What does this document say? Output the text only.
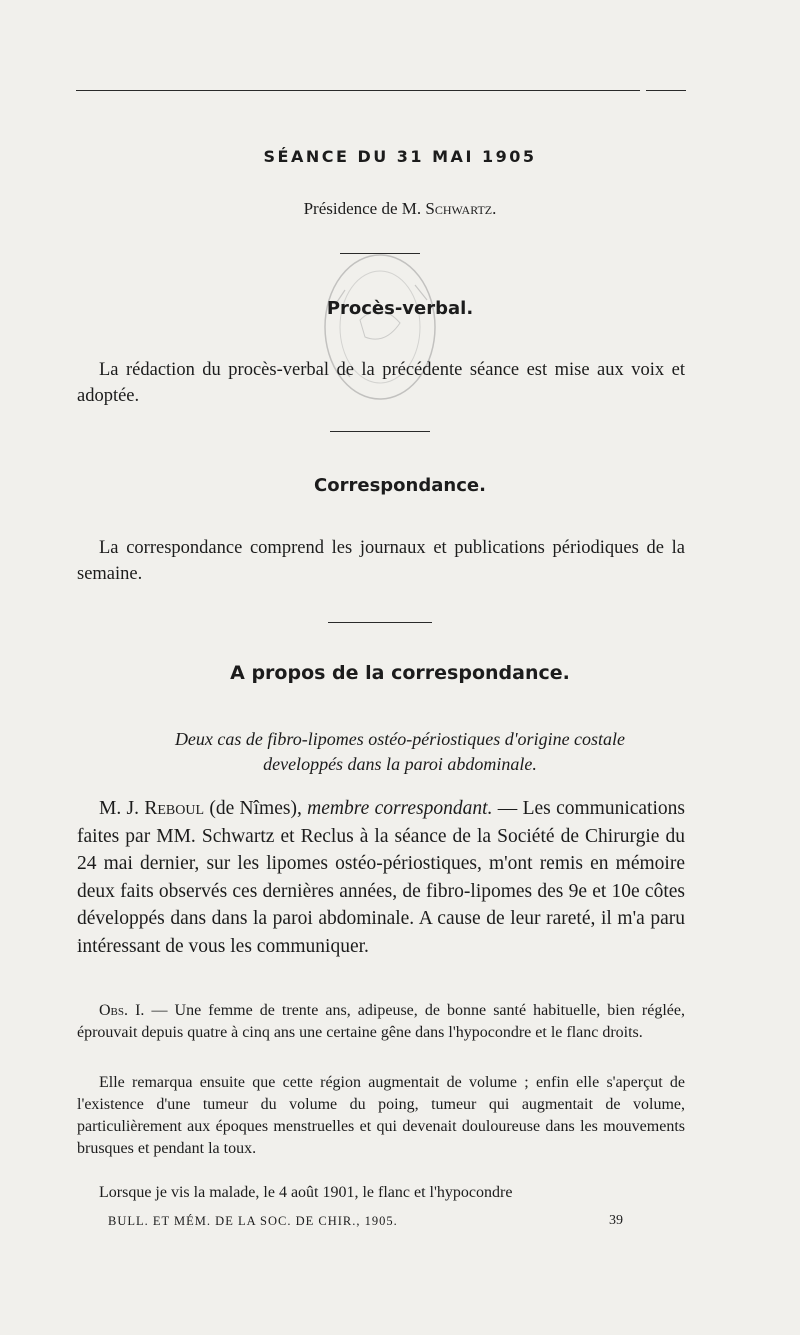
SÉANCE DU 31 MAI 1905
Présidence de M. Schwartz.
Procès-verbal.

La rédaction du procès-verbal de la précédente séance est mise aux voix et adoptée.

Correspondance.

La correspondance comprend les journaux et publications périodiques de la semaine.

A propos de la correspondance.
Deux cas de fibro-lipomes ostéo-périostiques d'origine costale
developpés dans la paroi abdominale.

M. J. Reboul (de Nîmes), membre correspondant. — Les communications faites par MM. Schwartz et Reclus à la séance de la Société de Chirurgie du 24 mai dernier, sur les lipomes ostéo-périostiques, m'ont remis en mémoire deux faits observés ces dernières années, de fibro-lipomes des 9e et 10e côtes développés dans dans la paroi abdominale. A cause de leur rareté, il m'a paru intéressant de vous les communiquer.

Obs. I. — Une femme de trente ans, adipeuse, de bonne santé habituelle, bien réglée, éprouvait depuis quatre à cinq ans une certaine gêne dans l'hypocondre et le flanc droits.

Elle remarqua ensuite que cette région augmentait de volume ; enfin elle s'aperçut de l'existence d'une tumeur du volume du poing, tumeur qui augmentait de volume, particulièrement aux époques menstruelles et qui devenait douloureuse dans les mouvements brusques et pendant la toux.

Lorsque je vis la malade, le 4 août 1901, le flanc et l'hypocondre

BULL. ET MÉM. DE LA SOC. DE CHIR., 1905.	39
